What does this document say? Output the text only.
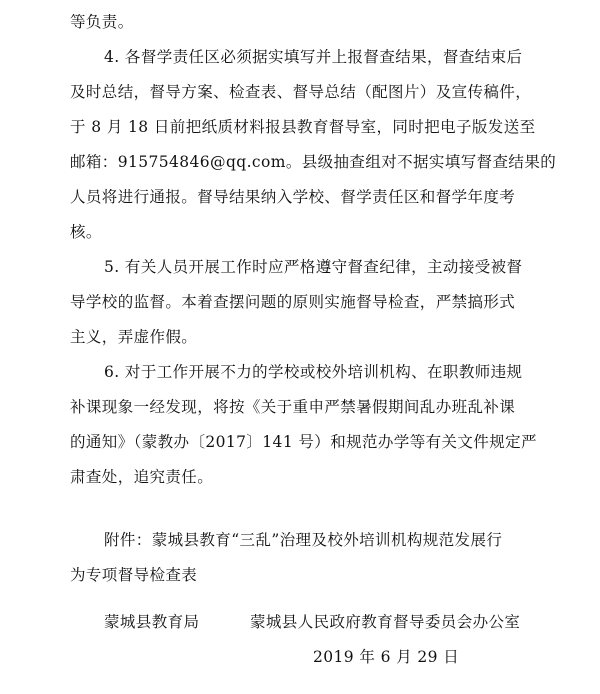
等负责。
4. 各督学责任区必须据实填写并上报督查结果，督查结束后
及时总结，督导方案、检查表、督导总结（配图片）及宣传稿件，
于 8 月 18 日前把纸质材料报县教育督导室，同时把电子版发送至
邮箱：915754846@qq.com。县级抽查组对不据实填写督查结果的
人员将进行通报。督导结果纳入学校、督学责任区和督学年度考
核。
5. 有关人员开展工作时应严格遵守督查纪律，主动接受被督
导学校的监督。本着查摆问题的原则实施督导检查，严禁搞形式
主义，弄虚作假。
6. 对于工作开展不力的学校或校外培训机构、在职教师违规
补课现象一经发现，将按《关于重申严禁暑假期间乱办班乱补课
的通知》（蒙教办〔2017〕141 号）和规范办学等有关文件规定严
肃查处，追究责任。
附件：蒙城县教育“三乱”治理及校外培训机构规范发展行
为专项督导检查表
蒙城县教育局	蒙城县人民政府教育督导委员会办公室
2019 年 6 月 29 日
